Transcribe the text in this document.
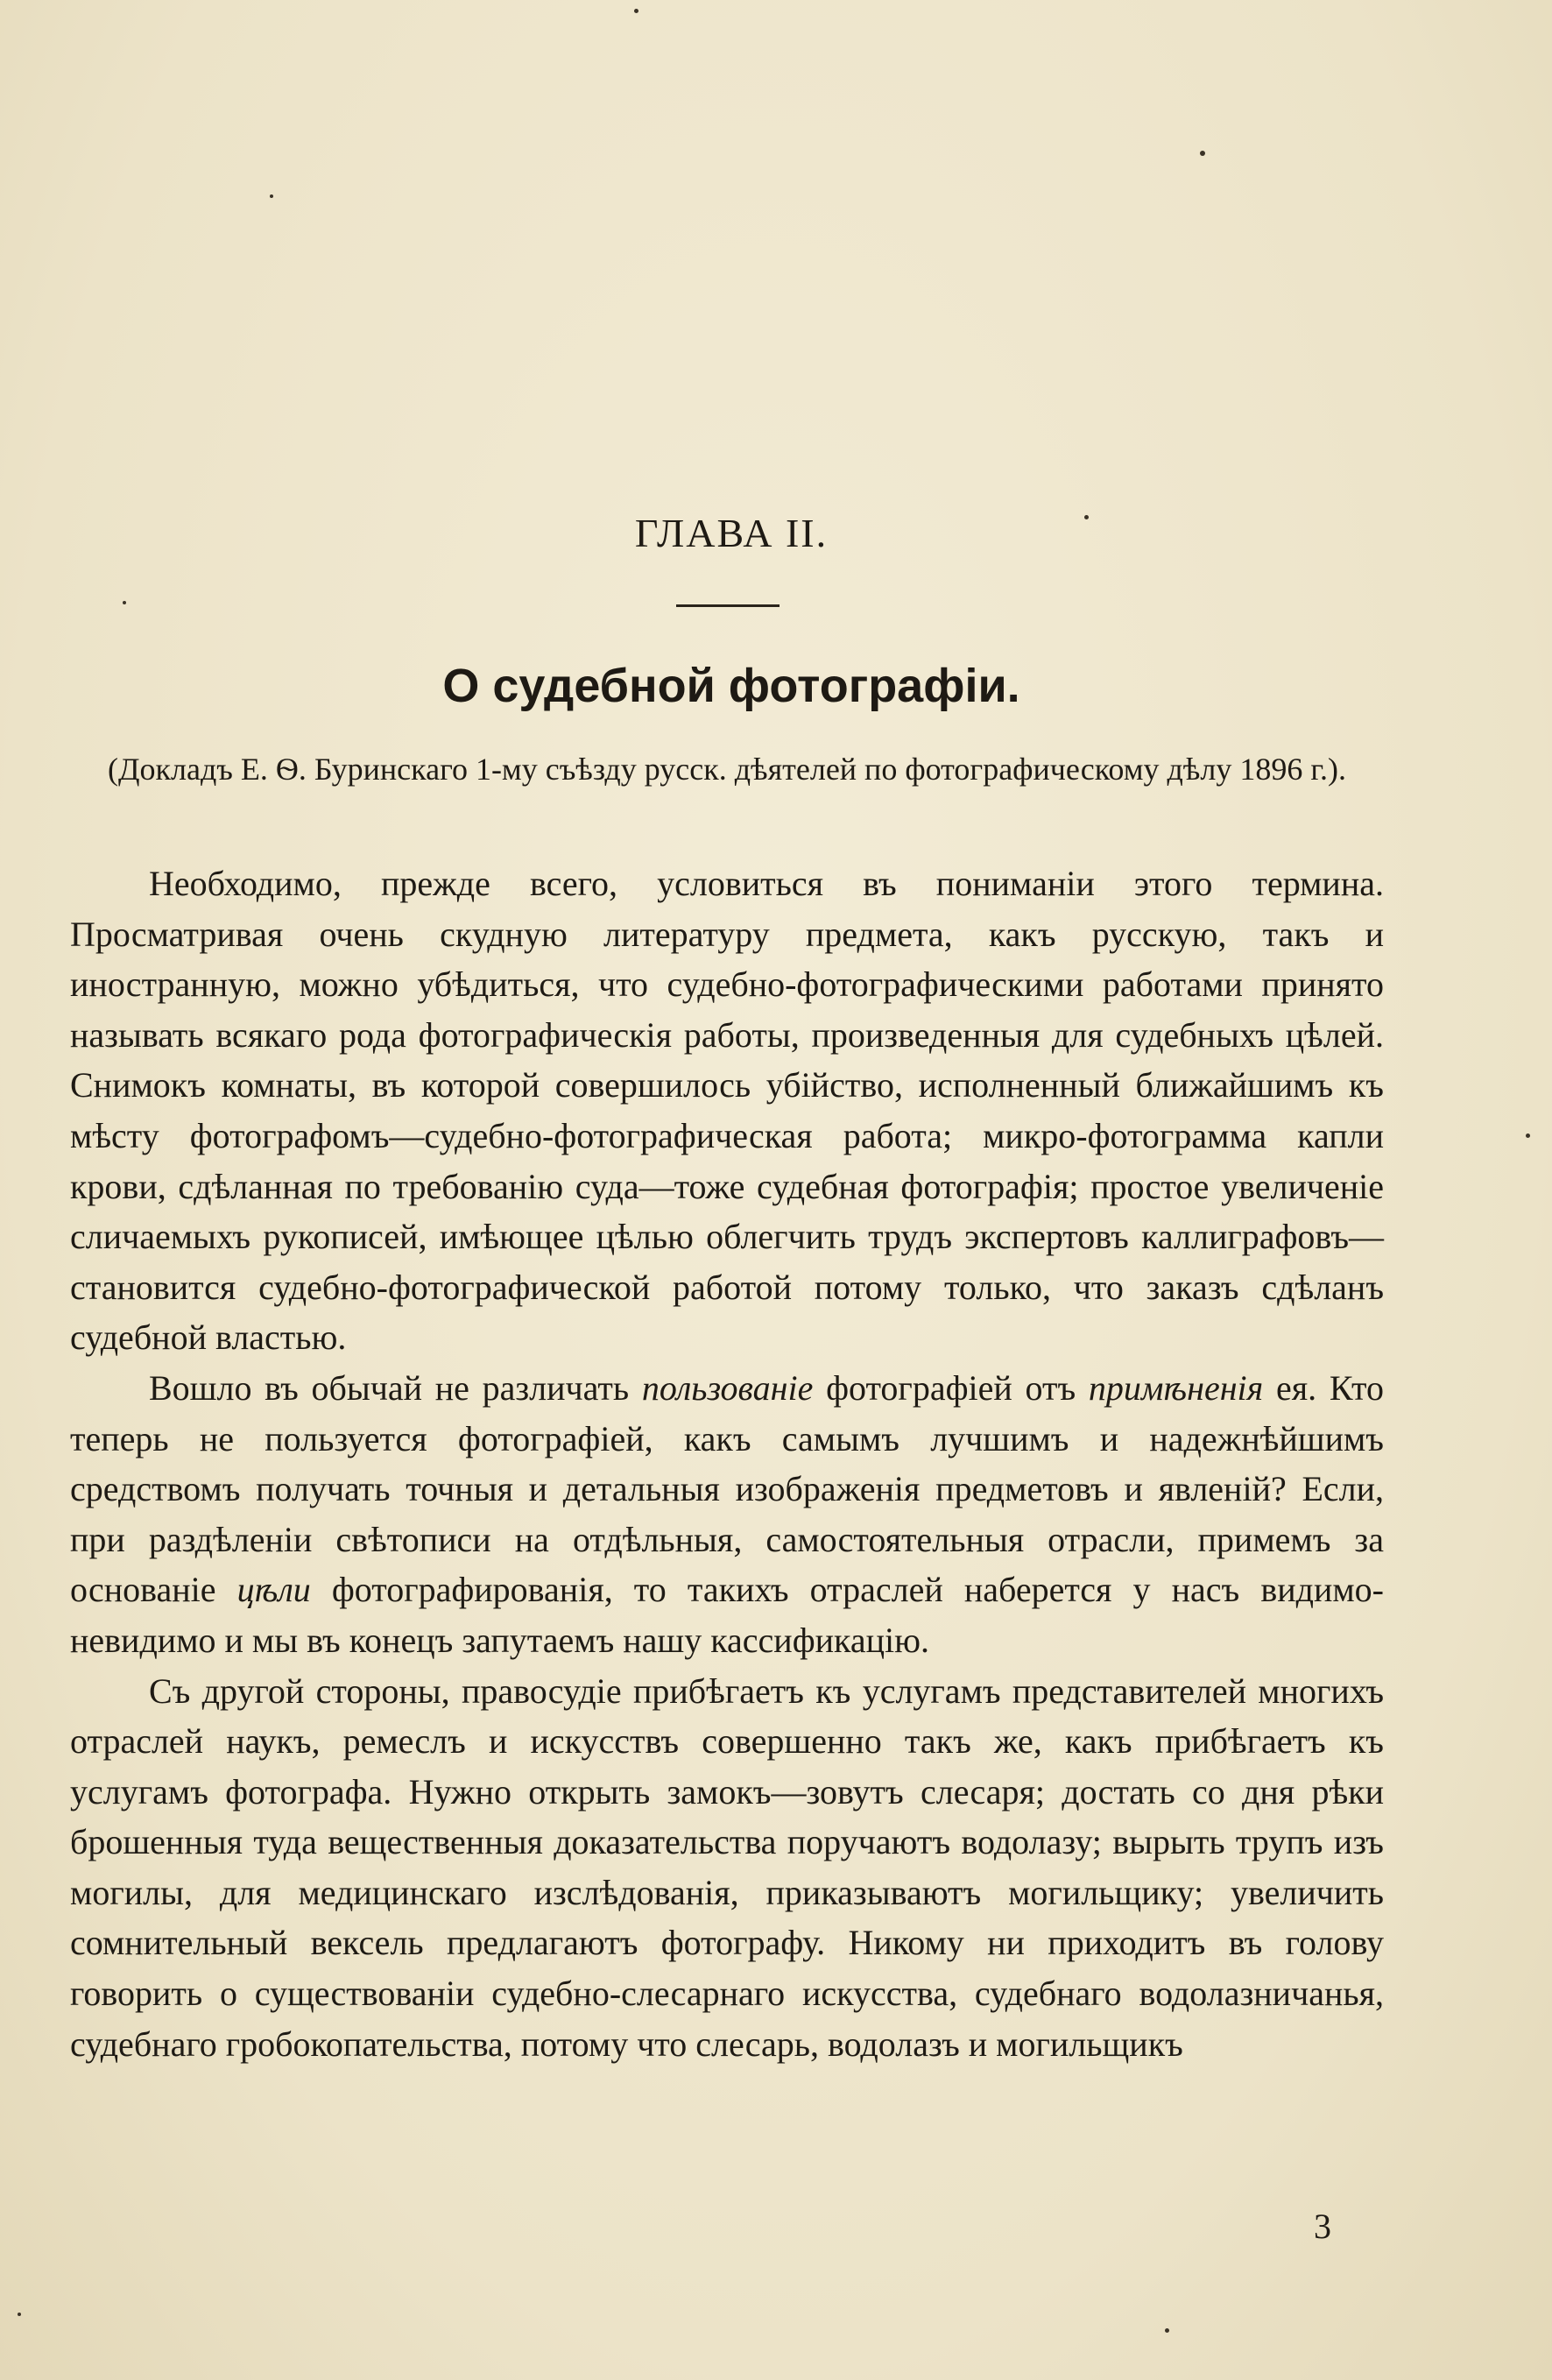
ГЛАВА II.
О судебной фотографіи.
(Докладъ Е. Ѳ. Буринскаго 1-му съѣзду русск. дѣятелей по фотографическому дѣлу 1896 г.).

Необходимо, прежде всего, условиться въ пониманіи этого термина. Просматривая очень скудную литературу предмета, какъ русскую, такъ и иностранную, можно убѣдиться, что судебно-фотографическими работами принято называть всякаго рода фотографическія работы, произведенныя для судебныхъ цѣлей. Снимокъ комнаты, въ которой совершилось убійство, исполненный ближайшимъ къ мѣсту фотографомъ—судебно-фотографическая работа; микро-фотограмма капли крови, сдѣланная по требованію суда—тоже судебная фотографія; простое увеличеніе сличаемыхъ рукописей, имѣющее цѣлью облегчить трудъ экспертовъ каллиграфовъ—становится судебно-фотографической работой потому только, что заказъ сдѣланъ судебной властью.

Вошло въ обычай не различать пользованіе фотографіей отъ примѣненія ея. Кто теперь не пользуется фотографіей, какъ самымъ лучшимъ и надежнѣйшимъ средствомъ получать точныя и детальныя изображенія предметовъ и явленій? Если, при раздѣленіи свѣтописи на отдѣльныя, самостоятельныя отрасли, примемъ за основаніе цѣли фотографированія, то такихъ отраслей наберется у насъ видимо-невидимо и мы въ конецъ запутаемъ нашу кассификацію.

Съ другой стороны, правосудіе прибѣгаетъ къ услугамъ представителей многихъ отраслей наукъ, ремеслъ и искусствъ совершенно такъ же, какъ прибѣгаетъ къ услугамъ фотографа. Нужно открыть замокъ—зовутъ слесаря; достать со дня рѣки брошенныя туда вещественныя доказательства поручаютъ водолазу; вырыть трупъ изъ могилы, для медицинскаго изслѣдованія, приказываютъ могильщику; увеличить сомнительный вексель предлагаютъ фотографу. Никому ни приходитъ въ голову говорить о существованіи судебно-слесарнаго искусства, судебнаго водолазничанья, судебнаго гробокопательства, потому что слесарь, водолазъ и могильщикъ

3
